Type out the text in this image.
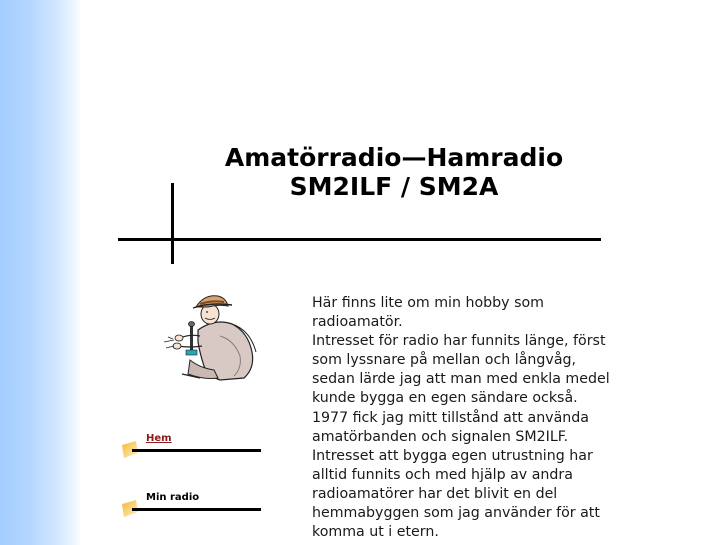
Amatörradio—Hamradio
SM2ILF / SM2A
Hem
Min radio
Här finns lite om min hobby som radioamatör.
Intresset för radio har funnits länge, först som lyssnare på mellan och långvåg, sedan lärde jag att man med enkla medel kunde bygga en egen sändare också. 1977 fick jag mitt tillstånd att använda amatörbanden och signalen SM2ILF. Intresset att bygga egen utrustning har alltid funnits och med hjälp av andra radioamatörer har det blivit en del hemmabyggen som jag använder för att komma ut i etern.
